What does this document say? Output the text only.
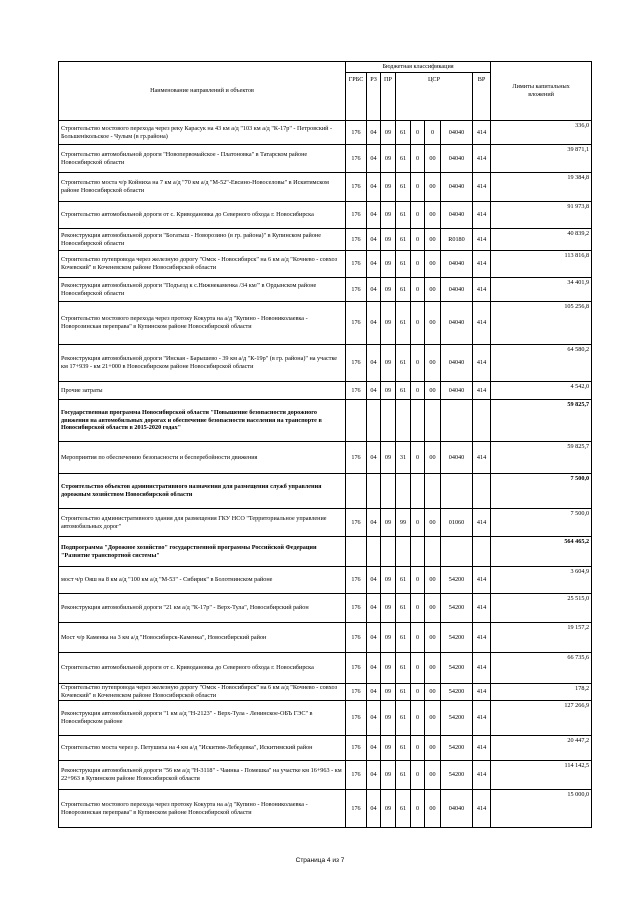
Наименование направлений и объектов	Бюджетная классификация								Лимиты капитальных вложений
	ГРБС	РЗ	ПР	ЦСР				ВР	
Строительство мостового перехода через реку Карасук на 43 км а/д "103 км а/д "К-17р" - Петровский - Большенікольское - Чулым (в гр.района)	176	04	09	61	0	0	04040	414	336,0
Строительство автомобильной дороги "Новопервомайское - Платоновка" в Татарском районе Новосибирской области	176	04	09	61	0	00	04040	414	39 871,1
Строительство моста ч/р Койниха на 7 км а/д "70 км а/д "М-52"-Евсино-Новоселовы" в Искитимском районе Новосибирской области	176	04	09	61	0	00	04040	414	19 384,8
Строительство автомобильной дороги от с. Криводановка до Северного обхода г. Новосибирска	176	04	09	61	0	00	04040	414	91 973,8
Реконструкция автомобильной дороги "Богатыш - Новорозино (в гр. района)" в Купинском районе Новосибирской области	176	04	09	61	0	00	R0180	414	40 839,2
Строительство путепровода через железную дорогу "Омск - Новосибирск" на 6 км а/д "Кочнево - совхоз Кочевский" в Коченевском районе Новосибирской области	176	04	09	61	0	00	04040	414	113 816,8
Реконструкция автомобильной дороги "Подъезд к с.Нижнекаменка /34 км/" в Ордынском районе Новосибирской области	176	04	09	61	0	00	04040	414	34 401,9
Строительство мостового перехода через протоку Кокурта на а/д "Купино - Новониколаевка - Новорозинская переправа" в Купинском районе Новосибирской области	176	04	09	61	0	00	04040	414	105 256,8
Реконструкция автомобильной дороги "Инская - Барышево - 39 км а/д "К-19р" (в гр. района)" на участке км 17+939 - км 21+000 в Новосибирском районе Новосибирской области	176	04	09	61	0	00	04040	414	64 580,2
Прочие затраты	176	04	09	61	0	00	04040	414	4 542,0
Государственная программа Новосибирской области "Повышение безопасности дорожного движения на автомобильных дорогах и обеспечение безопасности населения на транспорте в Новосибирской области в 2015-2020 годах"									59 825,7
Мероприятия по обеспечению безопасности и бесперебойности движения	176	04	09	31	0	00	04040	414	59 825,7
Строительство объектов административного назначения для размещения служб управления дорожным хозяйством Новосибирской области									7 500,0
Строительство административного здания для размещения ГКУ НСО "Территориальное управление автомобильных дорог"	176	04	09	99	0	00	01060	414	7 500,0
Подпрограмма "Дорожное хозяйство" государственной программы Российской Федерации "Развитие транспортной системы"									564 465,2
мост ч/р Ояш на 8 км а/д "100 км а/д "М-53" - Сибирик" в Болотнинском районе	176	04	09	61	0	00	54200	414	3 604,9
Реконструкция автомобильной дороги "21 км а/д "К-17р" - Верх-Тула", Новосибирский район	176	04	09	61	0	00	54200	414	25 515,0
Мост ч/р Каменка на 3 км а/д "Новосибирск-Каменка", Новосибирский район	176	04	09	61	0	00	54200	414	19 157,2
Строительство автомобильной дороги от с. Криводановка до Северного обхода г. Новосибирска	176	04	09	61	0	00	54200	414	66 735,6
Строительство путепровода через железную дорогу "Омск - Новосибирск" на 6 км а/д "Кочнево - совхоз Кочевский" в Коченевском районе Новосибирской области	176	04	09	61	0	00	54200	414	178,2
Реконструкция автомобильной дороги "1 км а/д "Н-2123" - Верх-Тула - Ленинское-ОБЪ ГЭС" в Новосибирском районе	176	04	09	61	0	00	54200	414	127 266,9
Строительство моста через р. Петушиха на 4 км а/д "Искитим-Лебедевка", Искитимский район	176	04	09	61	0	00	54200	414	20 447,2
Реконструкция автомобильной дороги "56 км а/д "Н-3118" - Чаинка - Помешка" на участке км 16+963 - км 22+963 в Купинском районе Новосибирской области	176	04	09	61	0	00	54200	414	114 142,5
Строительство мостового перехода через протоку Кокурта на а/д "Купино - Новониколаевка - Новорозинская переправа" в Купинском районе Новосибирской области	176	04	09	61	0	00	04040	414	15 000,0
Страница 4 из 7
